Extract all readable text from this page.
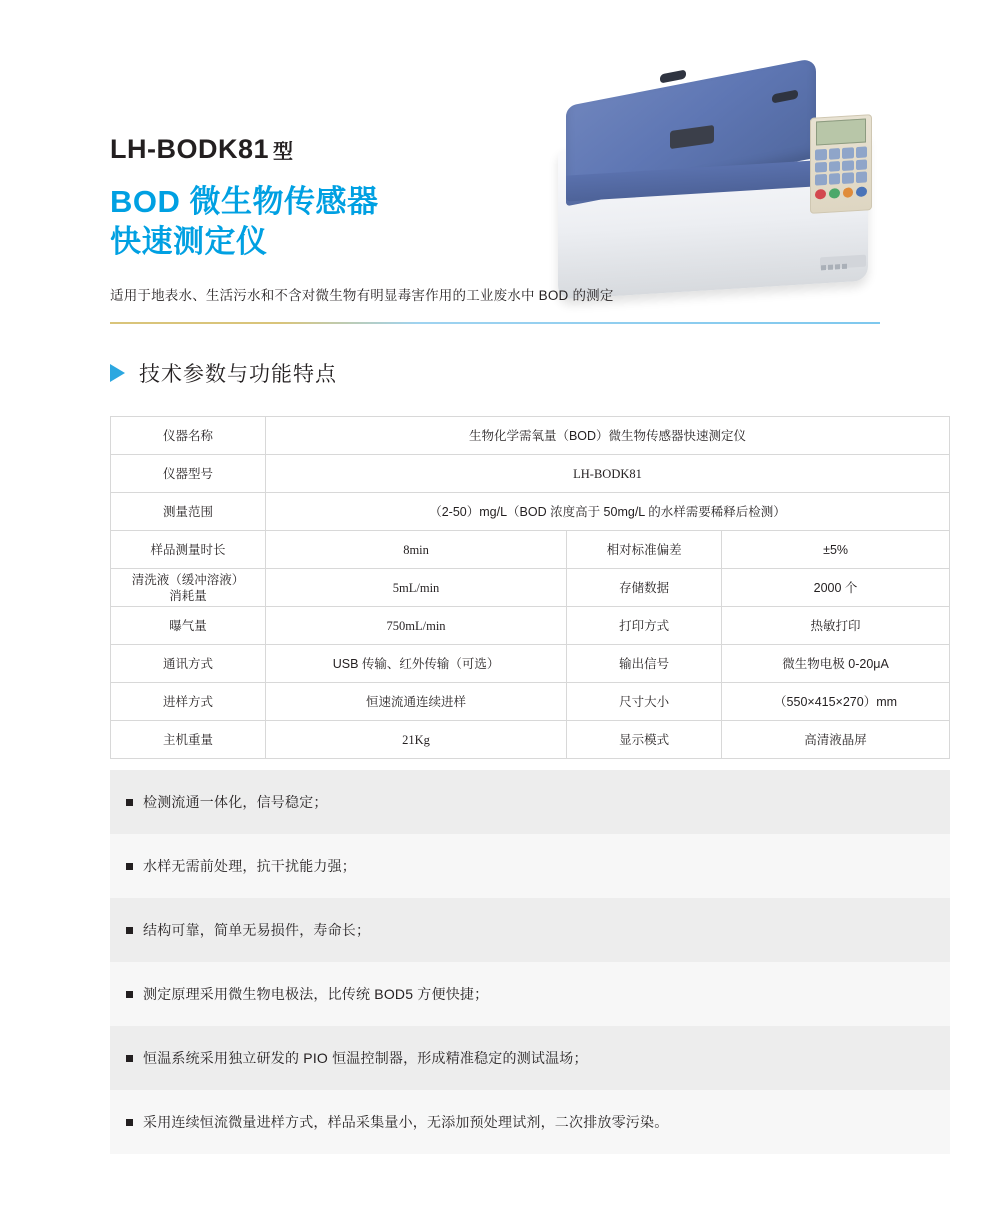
LH-BODK81 型
BOD 微生物传感器
快速测定仪
适用于地表水、生活污水和不含对微生物有明显毒害作用的工业废水中 BOD 的测定
技术参数与功能特点
仪器名称	生物化学需氧量（BOD）微生物传感器快速测定仪		
仪器型号	LH-BODK81		
测量范围	（2-50）mg/L（BOD 浓度高于 50mg/L 的水样需要稀释后检测）		
样品测量时长	8min	相对标准偏差	±5%
清洗液（缓冲溶液）
消耗量	5mL/min	存储数据	2000 个
曝气量	750mL/min	打印方式	热敏打印
通讯方式	USB 传输、红外传输（可选）	输出信号	微生物电极 0-20μA
进样方式	恒速流通连续进样	尺寸大小	（550×415×270）mm
主机重量	21Kg	显示模式	高清液晶屏
检测流通一体化，信号稳定；
水样无需前处理，抗干扰能力强；
结构可靠，简单无易损件，寿命长；
测定原理采用微生物电极法，比传统 BOD5 方便快捷；
恒温系统采用独立研发的 PIO 恒温控制器，形成精准稳定的测试温场；
采用连续恒流微量进样方式，样品采集量小，无添加预处理试剂，二次排放零污染。
